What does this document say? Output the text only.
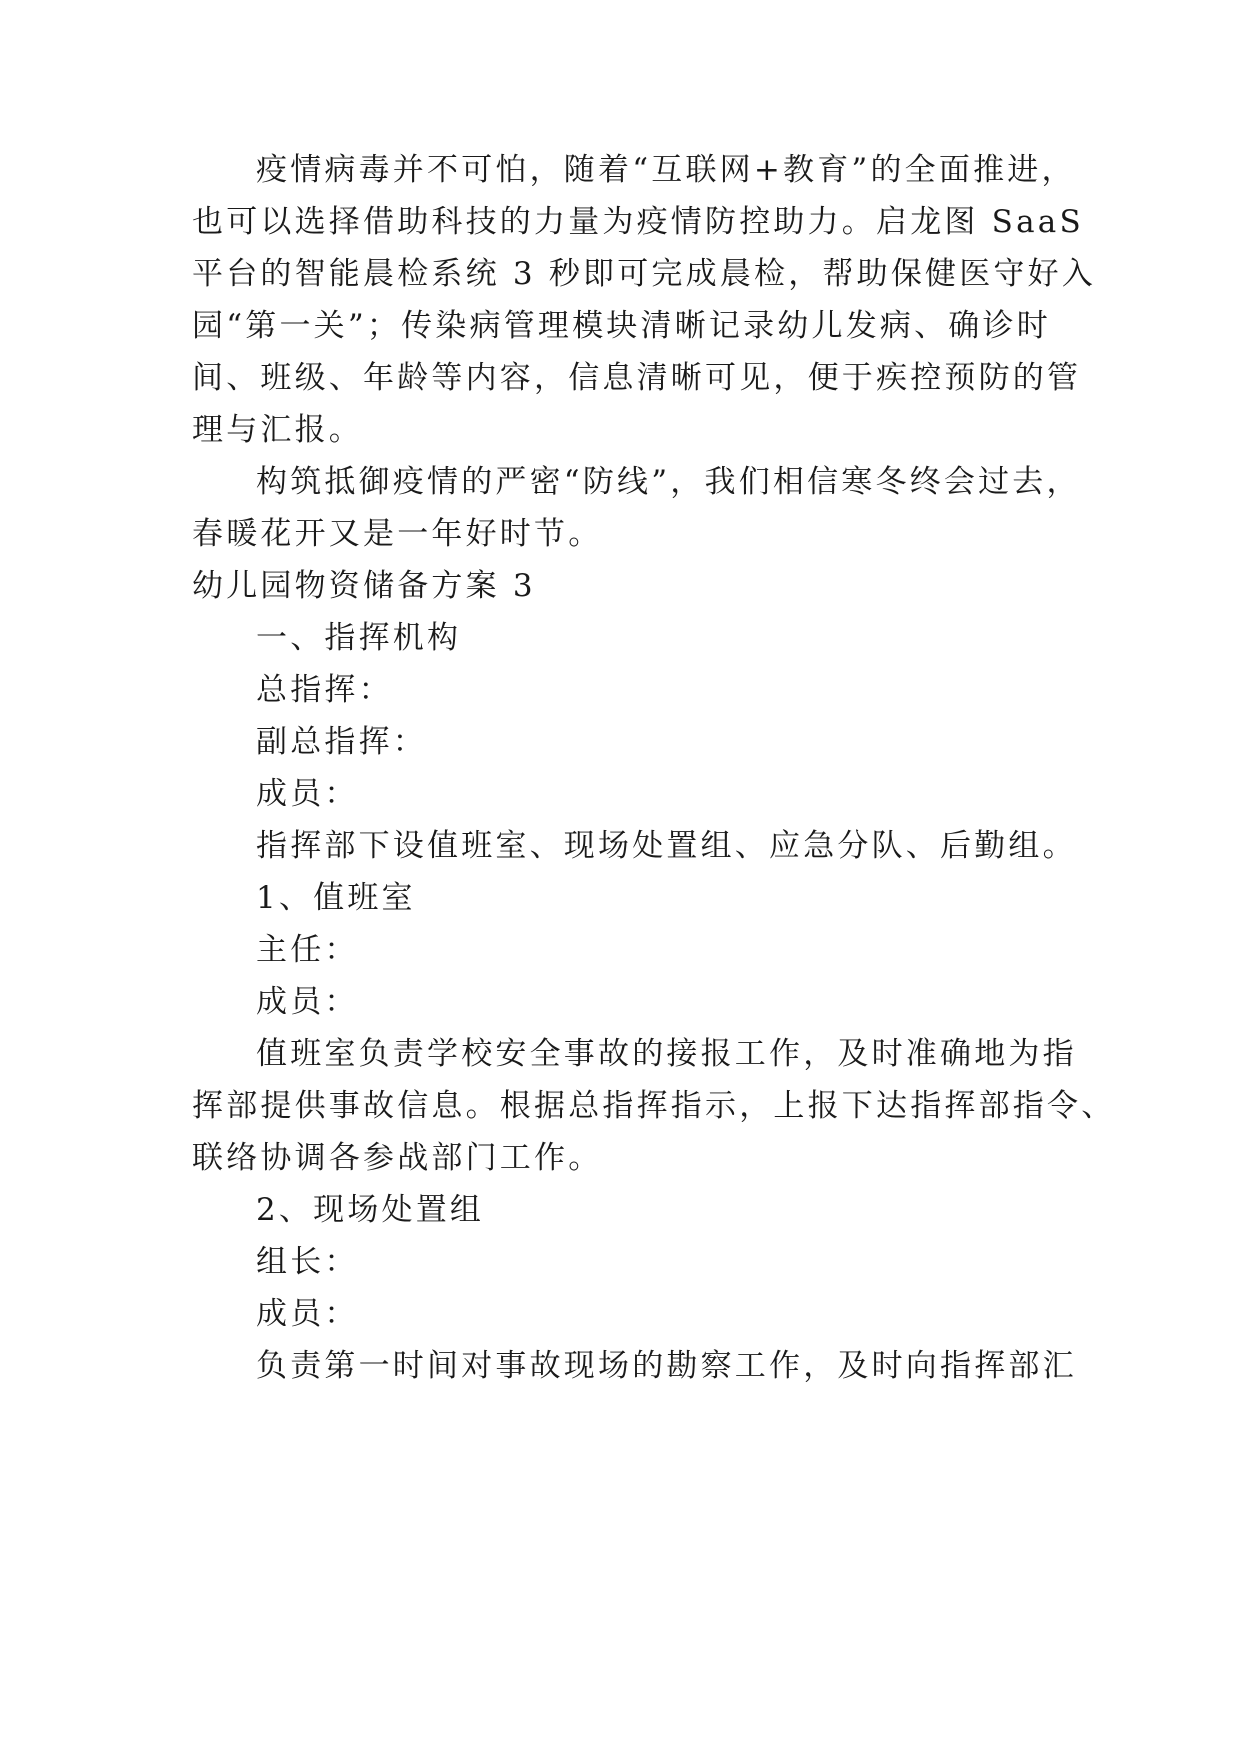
疫情病毒并不可怕，随着“互联网+教育”的全面推进，
也可以选择借助科技的力量为疫情防控助力。启龙图 SaaS
平台的智能晨检系统 3 秒即可完成晨检，帮助保健医守好入
园“第一关”；传染病管理模块清晰记录幼儿发病、确诊时
间、班级、年龄等内容，信息清晰可见，便于疾控预防的管
理与汇报。
构筑抵御疫情的严密“防线”，我们相信寒冬终会过去，
春暖花开又是一年好时节。
幼儿园物资储备方案 3
一、指挥机构
总指挥：
副总指挥：
成员：
指挥部下设值班室、现场处置组、应急分队、后勤组。
1、值班室
主任：
成员：
值班室负责学校安全事故的接报工作，及时准确地为指
挥部提供事故信息。根据总指挥指示，上报下达指挥部指令、
联络协调各参战部门工作。
2、现场处置组
组长：
成员：
负责第一时间对事故现场的勘察工作，及时向指挥部汇
